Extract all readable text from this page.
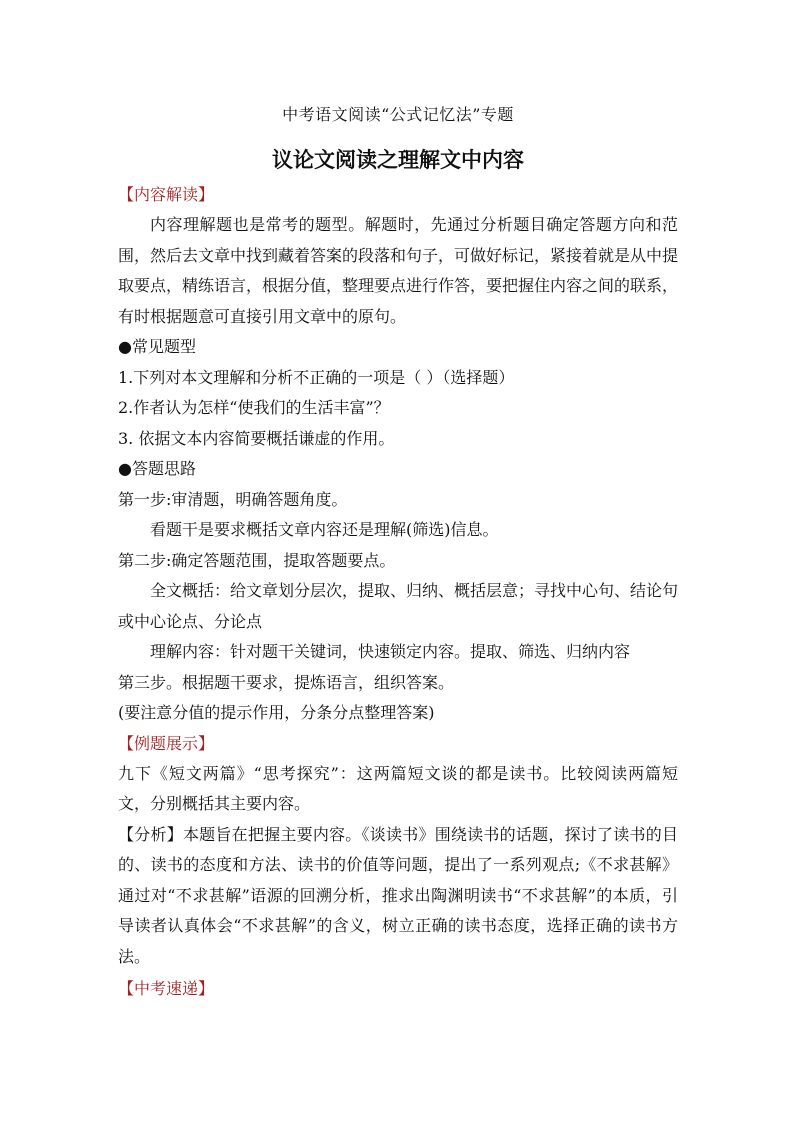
中考语文阅读“公式记忆法”专题
议论文阅读之理解文中内容
【内容解读】

内容理解题也是常考的题型。解题时，先通过分析题目确定答题方向和范围，然后去文章中找到藏着答案的段落和句子，可做好标记，紧接着就是从中提取要点，精练语言，根据分值，整理要点进行作答，要把握住内容之间的联系，有时根据题意可直接引用文章中的原句。

●常见题型
1.下列对本文理解和分析不正确的一项是（ ）（选择题）
2.作者认为怎样“使我们的生活丰富”？
3. 依据文本内容简要概括谦虚的作用。
●答题思路
第一步:审清题，明确答题角度。
看题干是要求概括文章内容还是理解(筛选)信息。
第二步:确定答题范围，提取答题要点。

全文概括：给文章划分层次，提取、归纳、概括层意；寻找中心句、结论句或中心论点、分论点

理解内容：针对题干关键词，快速锁定内容。提取、筛选、归纳内容
第三步。根据题干要求，提炼语言，组织答案。
(要注意分值的提示作用，分条分点整理答案)
【例题展示】

九下《短文两篇》“思考探究”：这两篇短文谈的都是读书。比较阅读两篇短文，分别概括其主要内容。

【分析】本题旨在把握主要内容。《谈读书》围绕读书的话题，探讨了读书的目的、读书的态度和方法、读书的价值等问题，提出了一系列观点;《不求甚解》通过对“不求甚解”语源的回溯分析，推求出陶渊明读书“不求甚解”的本质，引导读者认真体会“不求甚解”的含义，树立正确的读书态度，选择正确的读书方法。

【中考速递】
